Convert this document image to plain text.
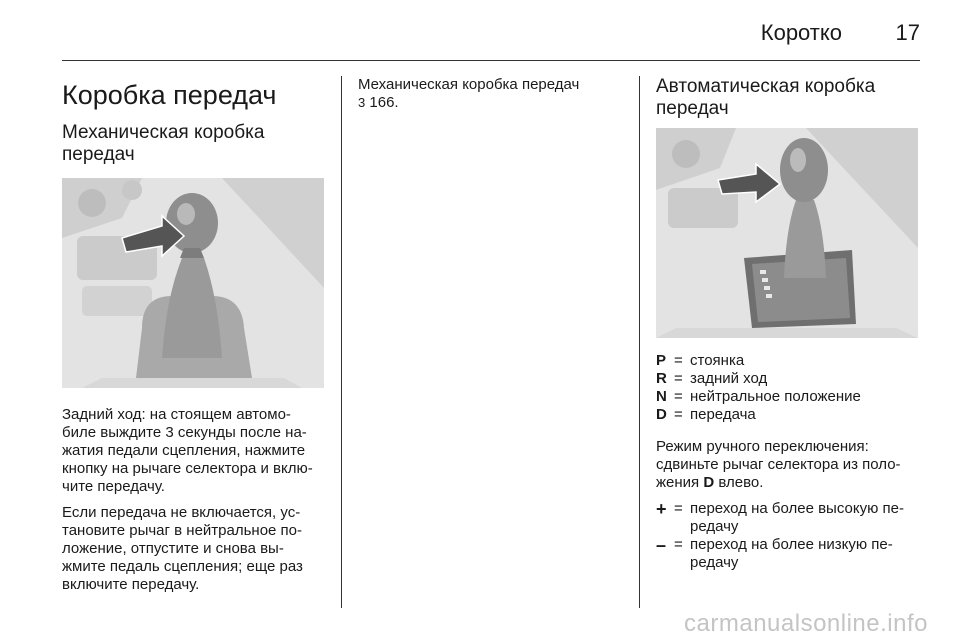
Коротко 17
Коробка передач
Механическая коробка передач

Задний ход: на стоящем автомо-биле выждите 3 секунды после на-жатия педали сцепления, нажмите кнопку на рычаге селектора и вклю-чите передачу.

Если передача не включается, ус-тановите рычаг в нейтральное по-ложение, отпустите и снова вы-жмите педаль сцепления; еще раз включите передачу.

Механическая коробка передач

3 166.

Автоматическая коробка передач
P = стоянка
R = задний ход
N = нейтральное положение
D = передача

Режим ручного переключения: сдвиньте рычаг селектора из поло-жения D влево.

+ = переход на более высокую пе-редачу
– = переход на более низкую пе-редачу
carmanualsonline.info
